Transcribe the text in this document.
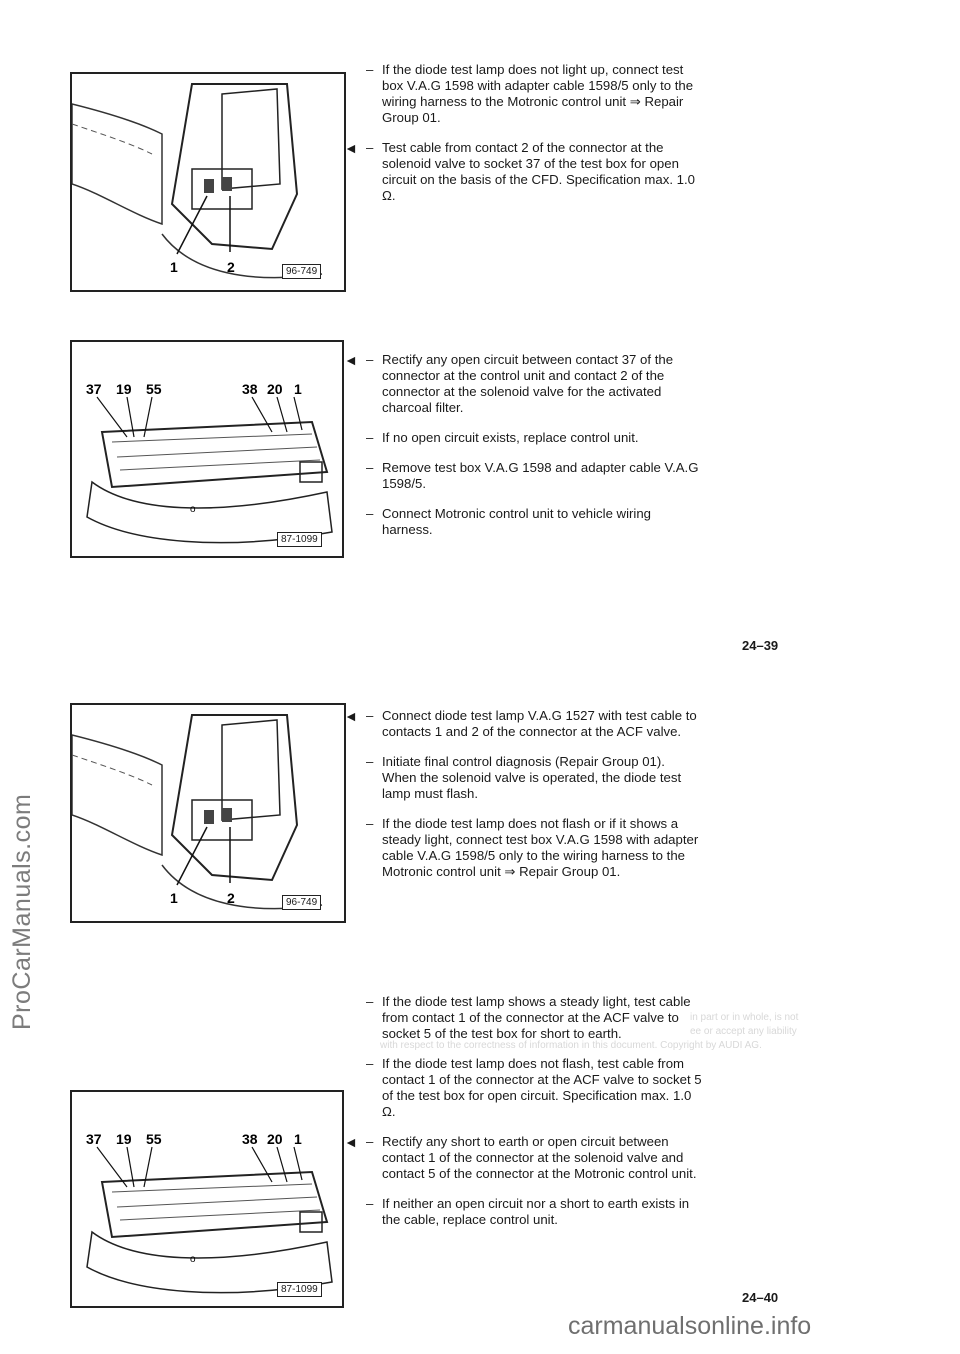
ProCarManuals.com
carmanualsonline.info
1	2	96-749
o
37 19 55	38 20 1
87-1099
1	2	96-749
o
37 19 55	38 20 1
87-1099
– If the diode test lamp does not light up, connect test box V.A.G 1598 with adapter cable 1598/5 only to the wiring harness to the Motronic control unit ⇒ Repair Group 01.
◄ – Test cable from contact 2 of the connector at the solenoid valve to socket 37 of the test box for open circuit on the basis of the CFD. Specification max. 1.0 Ω.
◄ – Rectify any open circuit between contact 37 of the connector at the control unit and contact 2 of the connector at the solenoid valve for the activated charcoal filter.
– If no open circuit exists, replace control unit.
– Remove test box V.A.G 1598 and adapter cable V.A.G 1598/5.
– Connect Motronic control unit to vehicle wiring harness.
24–39
◄ – Connect diode test lamp V.A.G 1527 with test cable to contacts 1 and 2 of the connector at the ACF valve.
– Initiate final control diagnosis (Repair Group 01). When the solenoid valve is operated, the diode test lamp must flash.
– If the diode test lamp does not flash or if it shows a steady light, connect test box V.A.G 1598 with adapter cable V.A.G 1598/5 only to the wiring harness to the Motronic control unit ⇒ Repair Group 01.
in part or in whole, is not
ee or accept any liability
with respect to the correctness of information in this document. Copyright by AUDI AG.
– If the diode test lamp shows a steady light, test cable from contact 1 of the connector at the ACF valve to socket 5 of the test box for short to earth.
– If the diode test lamp does not flash, test cable from contact 1 of the connector at the ACF valve to socket 5 of the test box for open circuit. Specification max. 1.0 Ω.
◄ – Rectify any short to earth or open circuit between contact 1 of the connector at the solenoid valve and contact 5 of the connector at the Motronic control unit.
– If neither an open circuit nor a short to earth exists in the cable, replace control unit.
24–40
